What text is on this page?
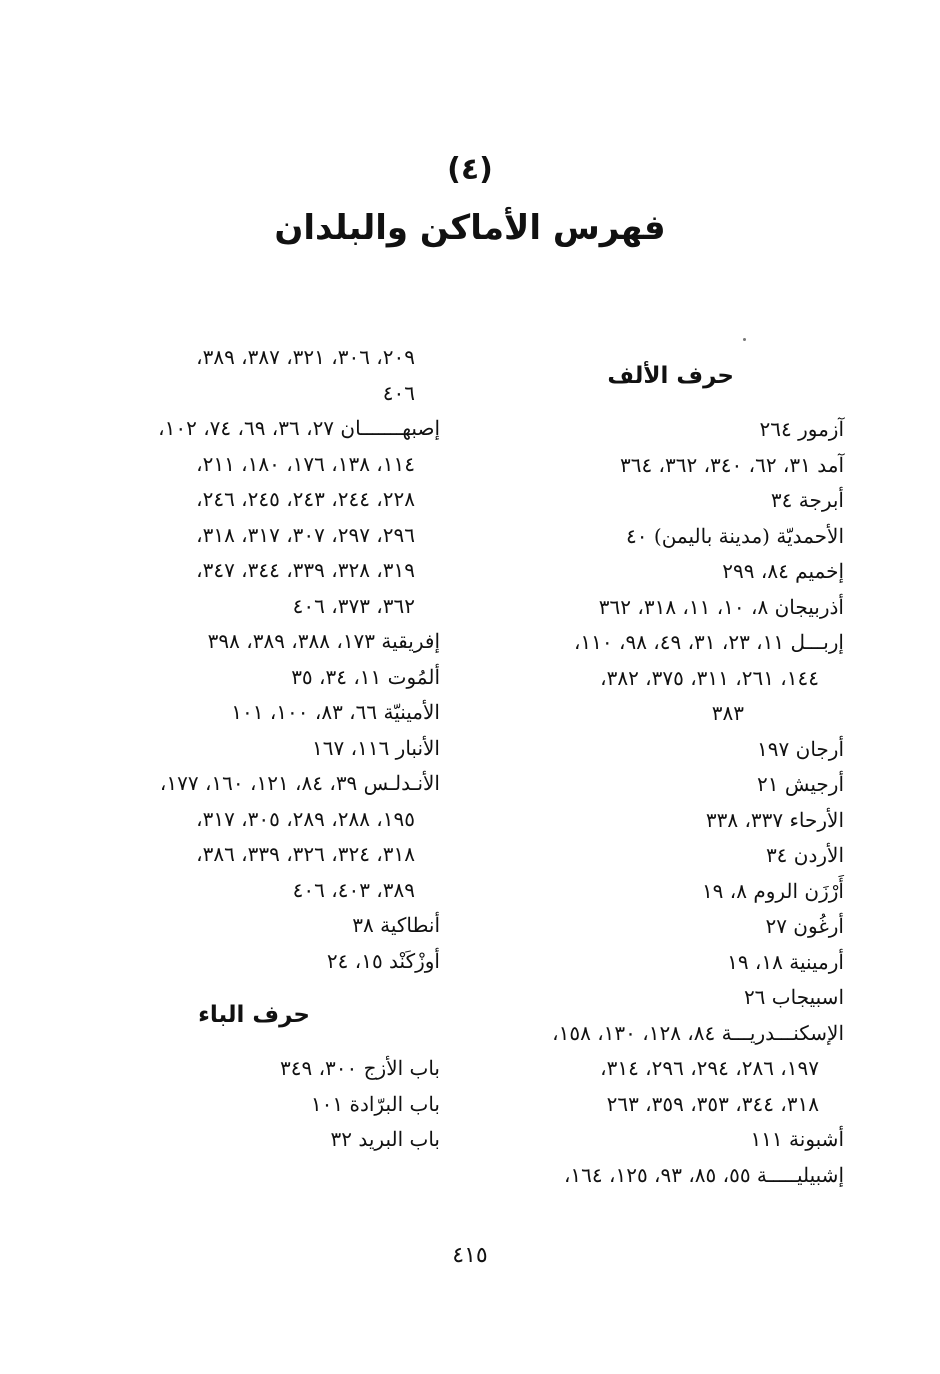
(٤)
فهرس الأماكن والبلدان
حرف الألف
آزمور ٢٦٤
آمد ٣١، ٦٢، ٣٤٠، ٣٦٢، ٣٦٤
أبرجة ٣٤
الأحمديّة (مدينة باليمن) ٤٠
إخميم ٨٤، ٢٩٩
أذربيجان ٨، ١٠، ١١، ٣١٨، ٣٦٢
إربـــل ١١، ٢٣، ٣١، ٤٩، ٩٨، ١١٠،
١٤٤، ٢٦١، ٣١١، ٣٧٥، ٣٨٢،
٣٨٣
أرجان ١٩٧
أرجيش ٢١
الأرحاء ٣٣٧، ٣٣٨
الأردن ٣٤
أَرْزَن الروم ٨، ١٩
أرغُون ٢٧
أرمينية ١٨، ١٩
اسبيجاب ٢٦
الإسكنـــدريـــة ٨٤، ١٢٨، ١٣٠، ١٥٨،
١٩٧، ٢٨٦، ٢٩٤، ٢٩٦، ٣١٤،
٣١٨، ٣٤٤، ٣٥٣، ٣٥٩، ٢٦٣
أشبونة ١١١
إشبيليـــــة ٥٥، ٨٥، ٩٣، ١٢٥، ١٦٤،
٢٠٩، ٣٠٦، ٣٢١، ٣٨٧، ٣٨٩،
٤٠٦
إصبهـــــــان ٢٧، ٣٦، ٦٩، ٧٤، ١٠٢،
١١٤، ١٣٨، ١٧٦، ١٨٠، ٢١١،
٢٢٨، ٢٤٤، ٢٤٣، ٢٤٥، ٢٤٦،
٢٩٦، ٢٩٧، ٣٠٧، ٣١٧، ٣١٨،
٣١٩، ٣٢٨، ٣٣٩، ٣٤٤، ٣٤٧،
٣٦٢، ٣٧٣، ٤٠٦
إفريقية ١٧٣، ٣٨٨، ٣٨٩، ٣٩٨
ألمُوت ١١، ٣٤، ٣٥
الأمينيّة ٦٦، ٨٣، ١٠٠، ١٠١
الأنبار ١١٦، ١٦٧
الأنـدلـس ٣٩، ٨٤، ١٢١، ١٦٠، ١٧٧،
١٩٥، ٢٨٨، ٢٨٩، ٣٠٥، ٣١٧،
٣١٨، ٣٢٤، ٣٢٦، ٣٣٩، ٣٨٦،
٣٨٩، ٤٠٣، ٤٠٦
أنطاكية ٣٨
أوزْكَنْد ١٥، ٢٤
حرف الباء
باب الأزج ٣٠٠، ٣٤٩
باب البرّادة ١٠١
باب البريد ٣٢
٤١٥
